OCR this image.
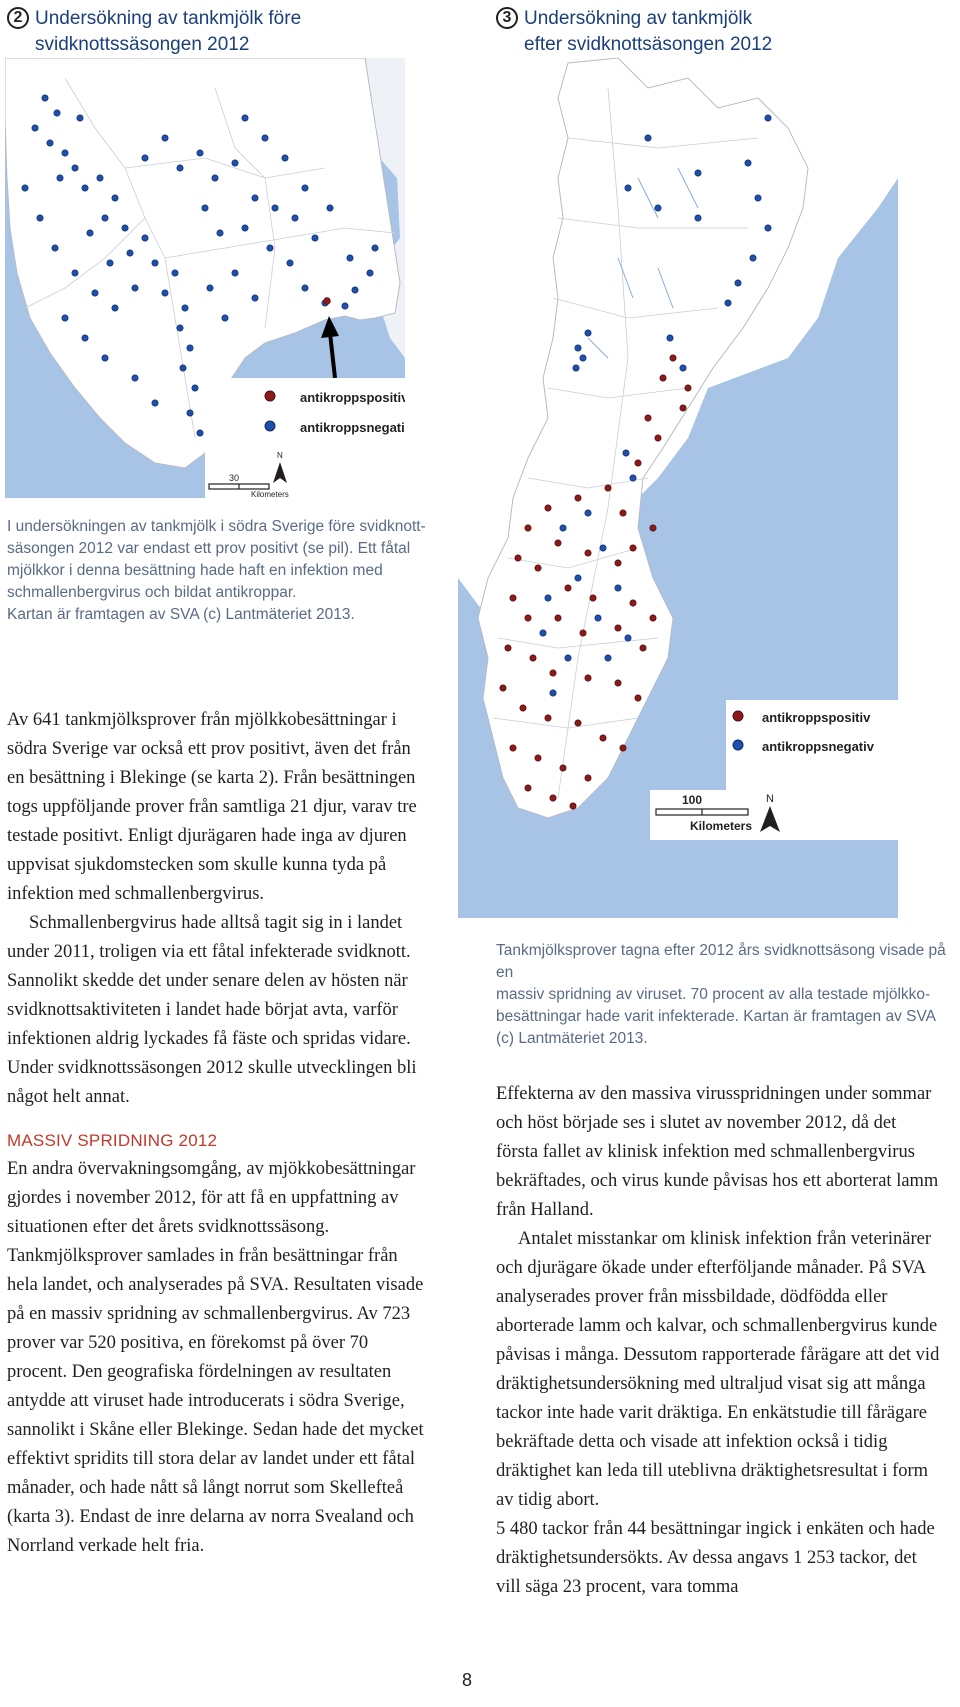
2 Undersökning av tankmjölk före
svidknottssäsongen 2012
antikroppspositiv
antikroppsnegativ
30
Kilometers
N
I undersökningen av tankmjölk i södra Sverige före svidknott-
säsongen 2012 var endast ett prov positivt (se pil). Ett fåtal
mjölkkor i denna besättning hade haft en infektion med
schmallenbergvirus och bildat antikroppar.
Kartan är framtagen av SVA (c) Lantmäteriet 2013.
3 Undersökning av tankmjölk
efter svidknottsäsongen 2012
antikroppspositiv
antikroppsnegativ
100
Kilometers
N
Tankmjölksprover tagna efter 2012 års svidknottsäsong visade på en
massiv spridning av viruset. 70 procent av alla testade mjölkko-
besättningar hade varit infekterade. Kartan är framtagen av SVA
(c) Lantmäteriet 2013.

Av 641 tankmjölksprover från mjölkkobesättningar i södra Sverige var också ett prov positivt, även det från en besättning i Blekinge (se karta 2). Från besättningen togs uppföljande prover från samtliga 21 djur, varav tre testade positivt. Enligt djurägaren hade inga av djuren uppvisat sjukdomstecken som skulle kunna tyda på infektion med schmallenbergvirus.

Schmallenbergvirus hade alltså tagit sig in i landet under 2011, troligen via ett fåtal infekterade svidknott. Sannolikt skedde det under senare delen av hösten när svidknottsaktiviteten i landet hade börjat avta, varför infektionen aldrig lyckades få fäste och spridas vidare. Under svidknottssäsongen 2012 skulle utvecklingen bli något helt annat.

MASSIV SPRIDNING 2012

En andra övervakningsomgång, av mjökkobesättningar gjordes i november 2012, för att få en uppfattning av situationen efter det årets svidknottssäsong. Tankmjölksprover samlades in från besättningar från hela landet, och analyserades på SVA. Resultaten visade på en massiv spridning av schmallenbergvirus. Av 723 prover var 520 positiva, en förekomst på över 70 procent. Den geografiska fördelningen av resultaten antydde att viruset hade introducerats i södra Sverige, sannolikt i Skåne eller Blekinge. Sedan hade det mycket effektivt spridits till stora delar av landet under ett fåtal månader, och hade nått så långt norrut som Skellefteå (karta 3). Endast de inre delarna av norra Svealand och Norrland verkade helt fria.

Effekterna av den massiva virusspridningen under sommar och höst började ses i slutet av november 2012, då det första fallet av klinisk infektion med schmallenbergvirus bekräftades, och virus kunde påvisas hos ett aborterat lamm från Halland.

Antalet misstankar om klinisk infektion från veterinärer och djurägare ökade under efterföljande månader. På SVA analyserades prover från missbildade, dödfödda eller aborterade lamm och kalvar, och schmallenbergvirus kunde påvisas i många. Dessutom rapporterade fårägare att det vid dräktighetsundersökning med ultraljud visat sig att många tackor inte hade varit dräktiga. En enkätstudie till fårägare bekräftade detta och visade att infektion också i tidig dräktighet kan leda till uteblivna dräktighetsresultat i form av tidig abort.

5 480 tackor från 44 besättningar ingick i enkäten och hade dräktighetsundersökts. Av dessa angavs 1 253 tackor, det vill säga 23 procent, vara tomma

8
